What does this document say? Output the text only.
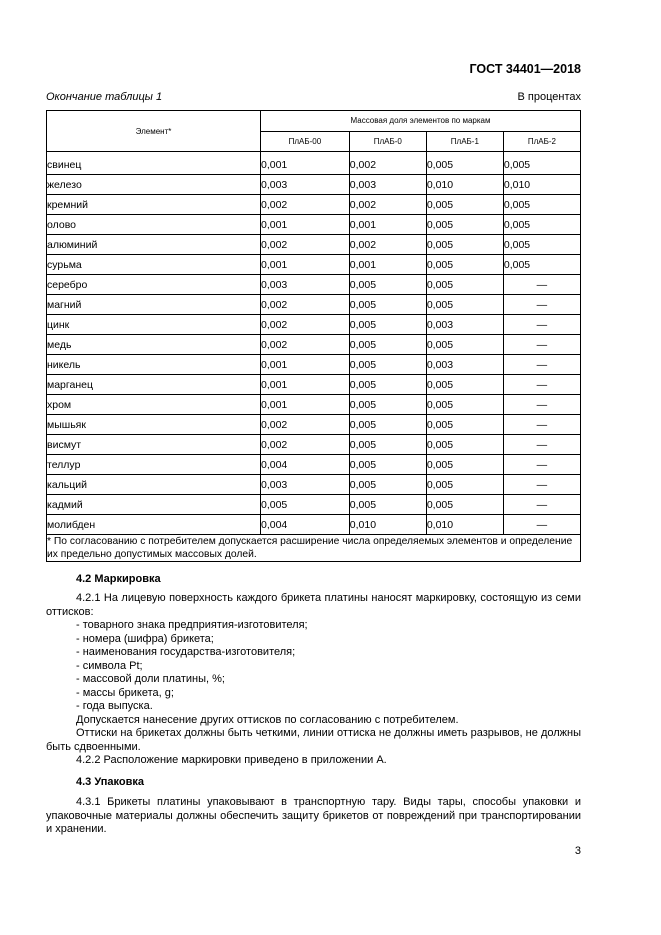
ГОСТ 34401—2018
Окончание таблицы 1	В процентах
Элемент*	Массовая доля элементов по маркам			
	ПлАБ-00	ПлАБ-0	ПлАБ-1	ПлАБ-2
свинец	0,001	0,002	0,005	0,005
железо	0,003	0,003	0,010	0,010
кремний	0,002	0,002	0,005	0,005
олово	0,001	0,001	0,005	0,005
алюминий	0,002	0,002	0,005	0,005
сурьма	0,001	0,001	0,005	0,005
серебро	0,003	0,005	0,005	—
магний	0,002	0,005	0,005	—
цинк	0,002	0,005	0,003	—
медь	0,002	0,005	0,005	—
никель	0,001	0,005	0,003	—
марганец	0,001	0,005	0,005	—
хром	0,001	0,005	0,005	—
мышьяк	0,002	0,005	0,005	—
висмут	0,002	0,005	0,005	—
теллур	0,004	0,005	0,005	—
кальций	0,003	0,005	0,005	—
кадмий	0,005	0,005	0,005	—
молибден	0,004	0,010	0,010	—
* По согласованию с потребителем допускается расширение числа определяемых элементов и определение их предельно допустимых массовых долей.				
4.2 Маркировка
4.2.1 На лицевую поверхность каждого брикета платины наносят маркировку, состоящую из семи оттисков:
- товарного знака предприятия-изготовителя;
- номера (шифра) брикета;
- наименования государства-изготовителя;
- символа Pt;
- массовой доли платины, %;
- массы брикета, g;
- года выпуска.
Допускается нанесение других оттисков по согласованию с потребителем.
Оттиски на брикетах должны быть четкими, линии оттиска не должны иметь разрывов, не должны быть сдвоенными.
4.2.2 Расположение маркировки приведено в приложении А.
4.3 Упаковка
4.3.1 Брикеты платины упаковывают в транспортную тару. Виды тары, способы упаковки и упаковочные материалы должны обеспечить защиту брикетов от повреждений при транспортировании и хранении.
3
